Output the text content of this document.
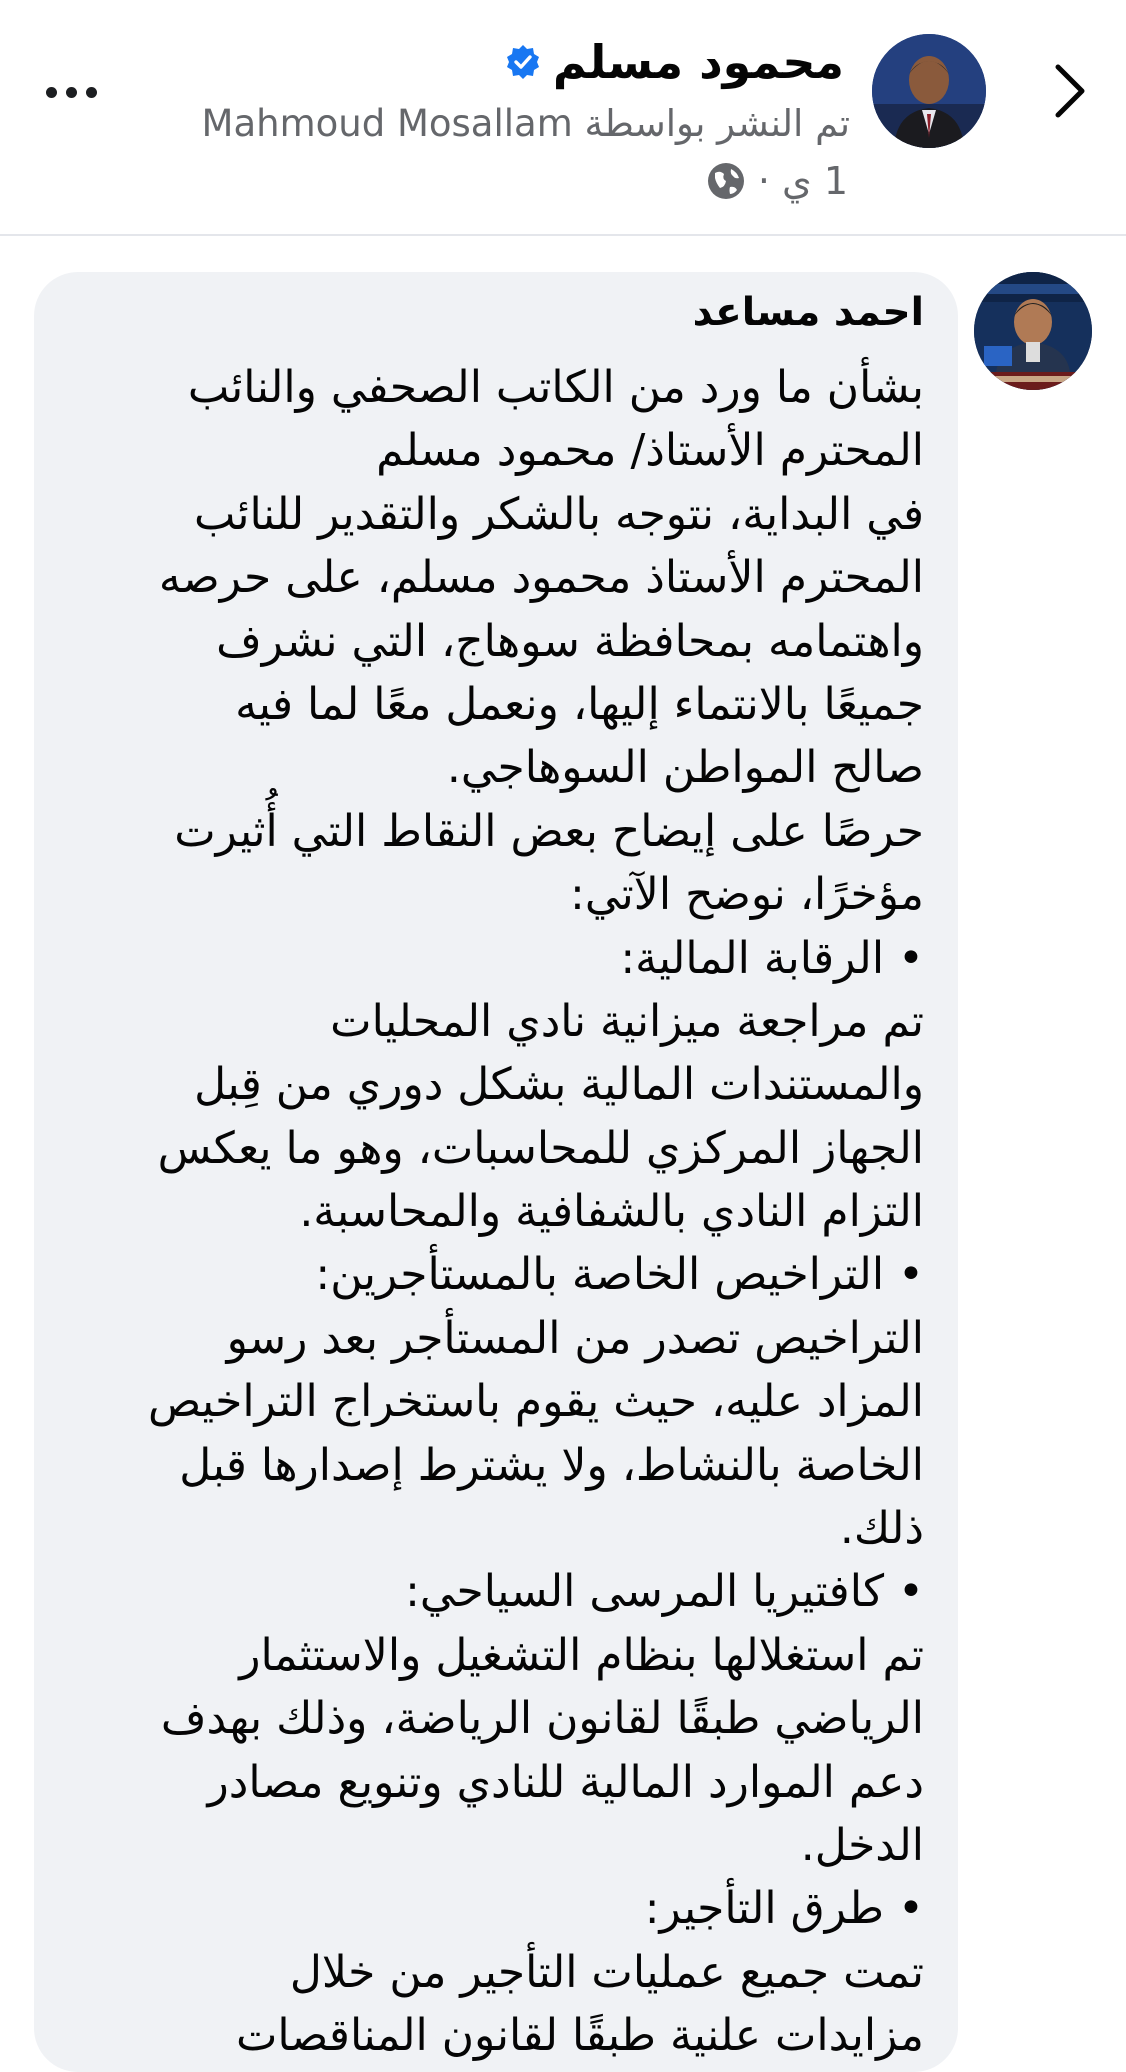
محمود مسلم
تم النشر بواسطة Mahmoud Mosallam
1 ي
·
احمد مساعد
بشأن ما ورد من الكاتب الصحفي والنائب
المحترم الأستاذ/ محمود مسلم
في البداية، نتوجه بالشكر والتقدير للنائب
المحترم الأستاذ محمود مسلم، على حرصه
واهتمامه بمحافظة سوهاج، التي نشرف
جميعًا بالانتماء إليها، ونعمل معًا لما فيه
صالح المواطن السوهاجي.
حرصًا على إيضاح بعض النقاط التي أُثيرت
مؤخرًا، نوضح الآتي:
• الرقابة المالية:
تم مراجعة ميزانية نادي المحليات
والمستندات المالية بشكل دوري من قِبل
الجهاز المركزي للمحاسبات، وهو ما يعكس
التزام النادي بالشفافية والمحاسبة.
• التراخيص الخاصة بالمستأجرين:
التراخيص تصدر من المستأجر بعد رسو
المزاد عليه، حيث يقوم باستخراج التراخيص
الخاصة بالنشاط، ولا يشترط إصدارها قبل
ذلك.
• كافتيريا المرسى السياحي:
تم استغلالها بنظام التشغيل والاستثمار
الرياضي طبقًا لقانون الرياضة، وذلك بهدف
دعم الموارد المالية للنادي وتنويع مصادر
الدخل.
• طرق التأجير:
تمت جميع عمليات التأجير من خلال
مزايدات علنية طبقًا لقانون المناقصات
